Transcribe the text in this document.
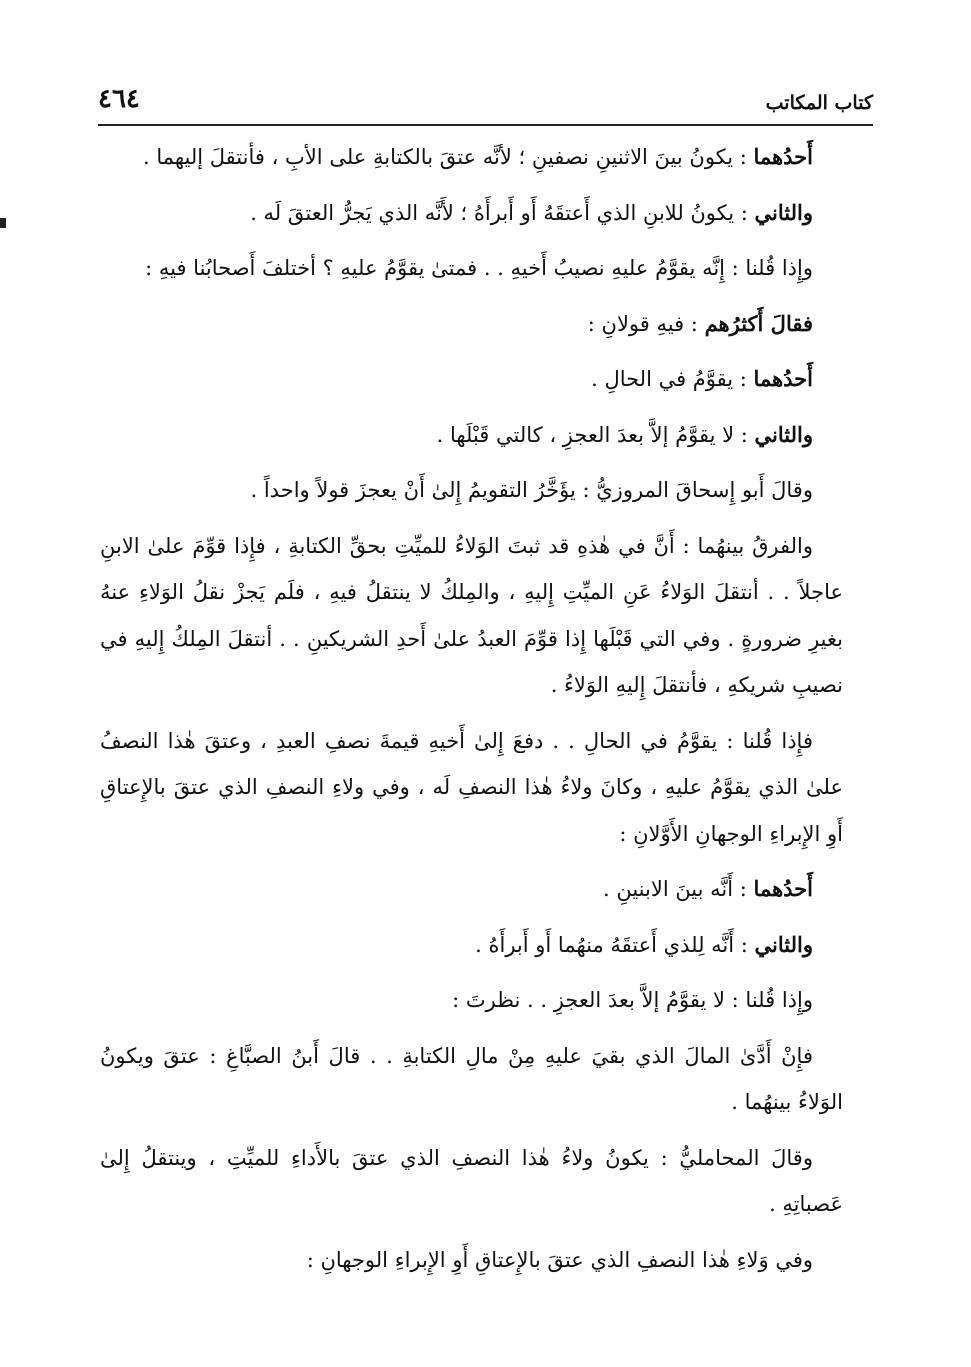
كتاب المكاتب
٤٦٤

أَحدُهما : يكونُ بينَ الاثنينِ نصفينِ ؛ لأنَّه عتقَ بالكتابةِ على الأبِ ، فأنتقلَ إليهما .

والثاني : يكونُ للابنِ الذي أَعتقَهُ أَو أَبرأَهُ ؛ لأَنَّه الذي يَجرُّ العتقَ لَه .

وإِذا قُلنا : إِنَّه يقوَّمُ عليهِ نصيبُ أَخيهِ . . فمتىٰ يقوَّمُ عليهِ ؟ أختلفَ أَصحابُنا فيهِ :

فقالَ أَكثرُهم : فيهِ قولانِ :

أَحدُهما : يقوَّمُ في الحالِ .

والثاني : لا يقوَّمُ إلاَّ بعدَ العجزِ ، كالتي قَبْلَها .

وقالَ أَبو إِسحاقَ المروزيُّ : يؤَخَّرُ التقويمُ إِلىٰ أَنْ يعجزَ قولاً واحداً .

والفرقُ بينهُما : أَنَّ في هٰذهِ قد ثبتَ الوَلاءُ للميِّتِ بحقِّ الكتابةِ ، فإِذا قوِّمَ علىٰ الابنِ عاجلاً . . أنتقلَ الوَلاءُ عَنِ الميِّتِ إِليهِ ، والمِلكُ لا ينتقلُ فيهِ ، فلَم يَجزْ نقلُ الوَلاءِ عنهُ بغيرِ ضرورةٍ . وفي التي قَبْلَها إِذا قوِّمَ العبدُ علىٰ أَحدِ الشريكينِ . . أنتقلَ المِلكُ إِليهِ في نصيبِ شريكهِ ، فأنتقلَ إِليهِ الوَلاءُ .

فإِذا قُلنا : يقوَّمُ في الحالِ . . دفعَ إِلىٰ أَخيهِ قيمةَ نصفِ العبدِ ، وعتقَ هٰذا النصفُ علىٰ الذي يقوَّمُ عليهِ ، وكانَ ولاءُ هٰذا النصفِ لَه ، وفي ولاءِ النصفِ الذي عتقَ بالإِعتاقِ أَوِ الإِبراءِ الوجهانِ الأَوَّلانِ :

أَحدُهما : أَنَّه بينَ الابنينِ .

والثاني : أَنَّه لِلذي أَعتقَهُ منهُما أَو أَبرأَهُ .

وإِذا قُلنا : لا يقوَّمُ إلاَّ بعدَ العجزِ . . نظرتَ :

فإِنْ أَدَّىٰ المالَ الذي بقيَ عليهِ مِنْ مالِ الكتابةِ . . قالَ أَبنُ الصبَّاغِ : عتقَ ويكونُ الوَلاءُ بينهُما .

وقالَ المحامليُّ : يكونُ ولاءُ هٰذا النصفِ الذي عتقَ بالأَداءِ للميِّتِ ، وينتقلُ إِلىٰ عَصباتِهِ .

وفي وَلاءِ هٰذا النصفِ الذي عتقَ بالإِعتاقِ أَوِ الإِبراءِ الوجهانِ :
